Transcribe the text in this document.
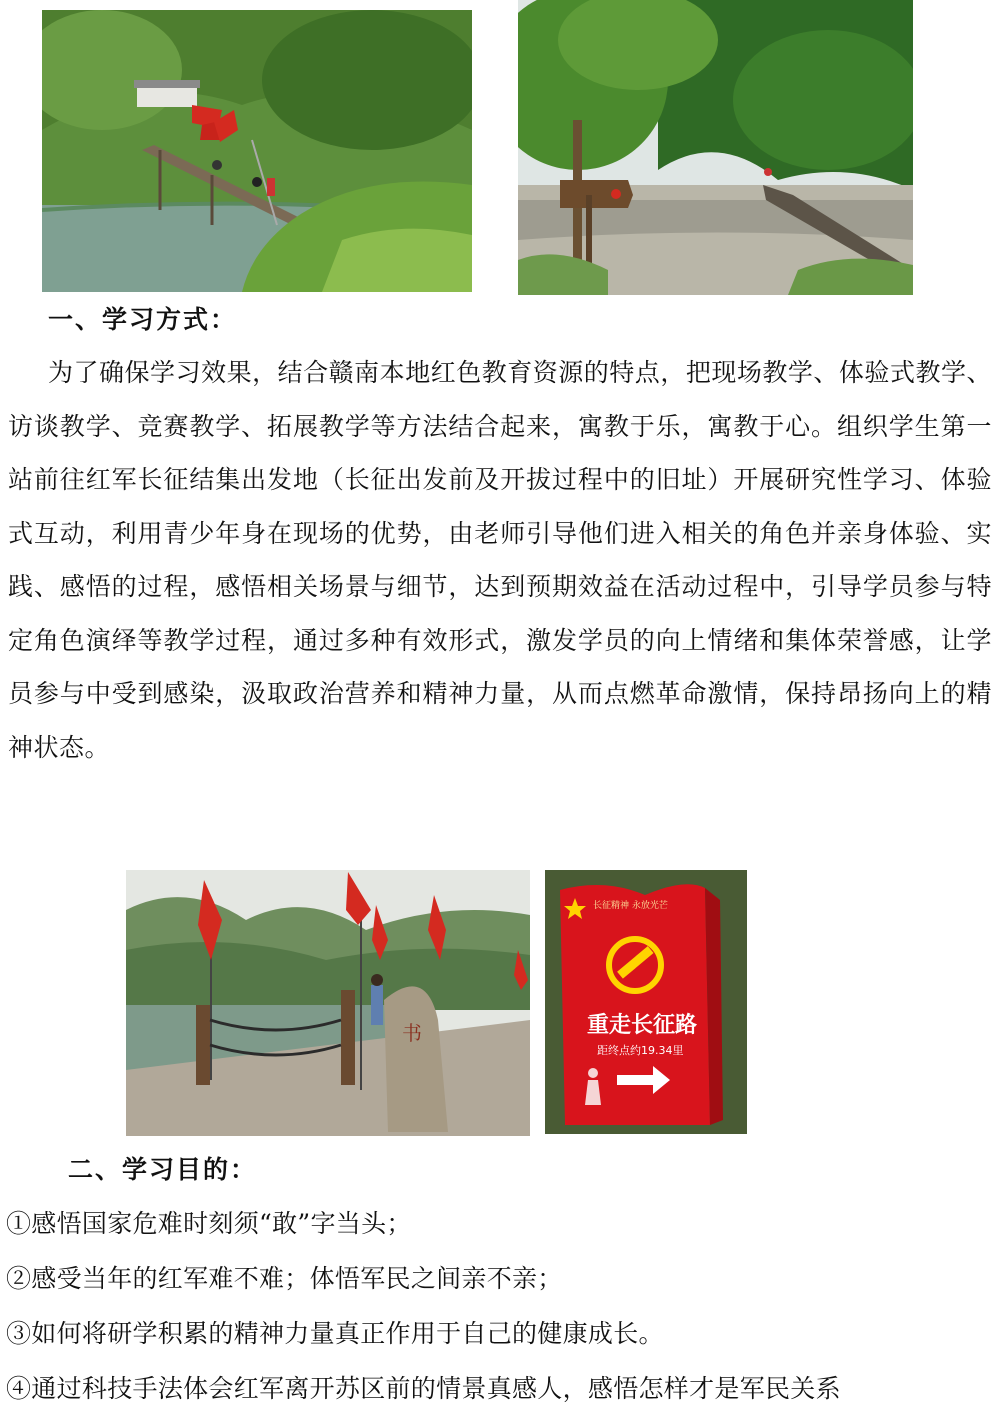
一、学习方式：

为了确保学习效果，结合赣南本地红色教育资源的特点，把现场教学、体验式教学、访谈教学、竞赛教学、拓展教学等方法结合起来，寓教于乐，寓教于心。组织学生第一站前往红军长征结集出发地（长征出发前及开拔过程中的旧址）开展研究性学习、体验式互动，利用青少年身在现场的优势，由老师引导他们进入相关的角色并亲身体验、实践、感悟的过程，感悟相关场景与细节，达到预期效益在活动过程中，引导学员参与特定角色演绎等教学过程，通过多种有效形式，激发学员的向上情绪和集体荣誉感，让学员参与中受到感染，汲取政治营养和精神力量，从而点燃革命激情，保持昂扬向上的精神状态。

书
长征精神 永放光芒
重走长征路
距终点约19.34里
二、学习目的：
①感悟国家危难时刻须“敢”字当头；
②感受当年的红军难不难；体悟军民之间亲不亲；
③如何将研学积累的精神力量真正作用于自己的健康成长。
④通过科技手法体会红军离开苏区前的情景真感人，感悟怎样才是军民关系
